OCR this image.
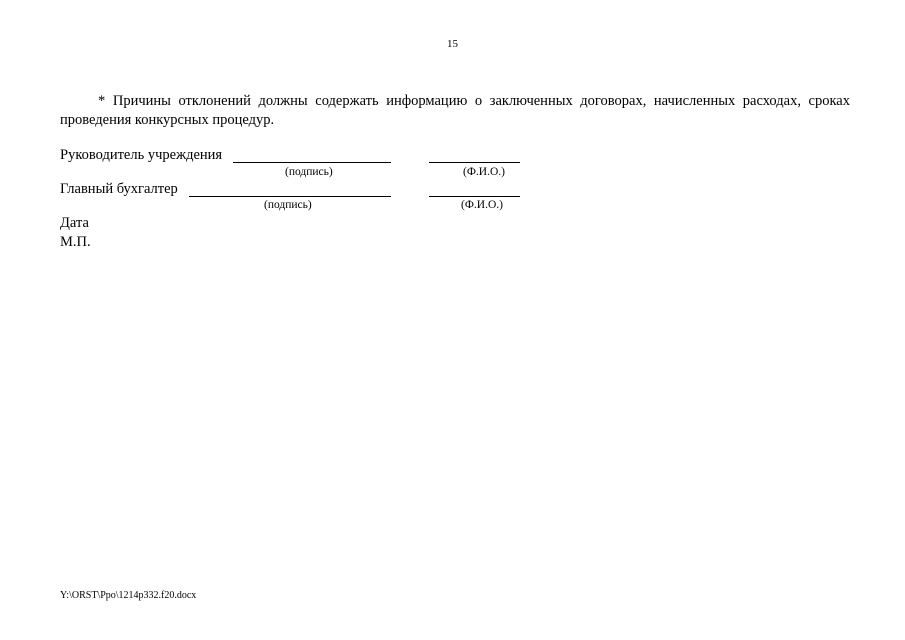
15
* Причины отклонений должны содержать информацию о заключенных договорах, начисленных расходах, сроках проведения конкурсных процедур.
Руководитель учреждения
(подпись)	(Ф.И.О.)
Главный бухгалтер
(подпись)	(Ф.И.О.)
Дата
М.П.
Y:\ORST\Ppo\1214p332.f20.docx
